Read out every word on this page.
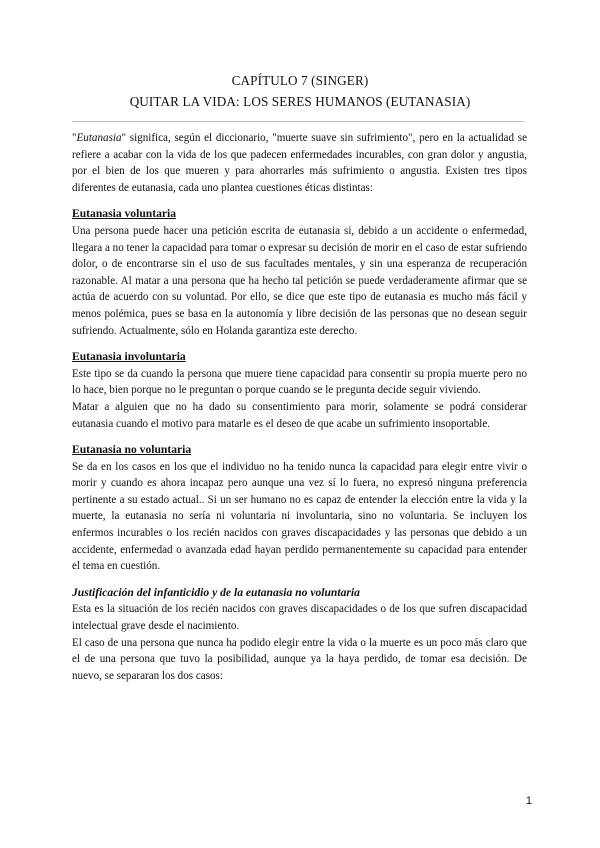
CAPÍTULO 7 (SINGER)
QUITAR LA VIDA: LOS SERES HUMANOS (EUTANASIA)

"Eutanasia" significa, según el diccionario, "muerte suave sin sufrimiento", pero en la actualidad se refiere a acabar con la vida de los que padecen enfermedades incurables, con gran dolor y angustia, por el bien de los que mueren y para ahorrarles más sufrimiento o angustia. Existen tres tipos diferentes de eutanasia, cada uno plantea cuestiones éticas distintas:

Eutanasia voluntaria

Una persona puede hacer una petición escrita de eutanasia si, debido a un accidente o enfermedad, llegara a no tener la capacidad para tomar o expresar su decisión de morir en el caso de estar sufriendo dolor, o de encontrarse sin el uso de sus facultades mentales, y sin una esperanza de recuperación razonable. Al matar a una persona que ha hecho tal petición se puede verdaderamente afirmar que se actúa de acuerdo con su voluntad. Por ello, se dice que este tipo de eutanasia es mucho más fácil y menos polémica, pues se basa en la autonomía y libre decisión de las personas que no desean seguir sufriendo. Actualmente, sólo en Holanda garantiza este derecho.

Eutanasia involuntaria

Este tipo se da cuando la persona que muere tiene capacidad para consentir su propia muerte pero no lo hace, bien porque no le preguntan o porque cuando se le pregunta decide seguir viviendo.

Matar a alguien que no ha dado su consentimiento para morir, solamente se podrá considerar eutanasia cuando el motivo para matarle es el deseo de que acabe un sufrimiento insoportable.

Eutanasia no voluntaria

Se da en los casos en los que el individuo no ha tenido nunca la capacidad para elegir entre vivir o morir y cuando es ahora incapaz pero aunque una vez sí lo fuera, no expresó ninguna preferencia pertinente a su estado actual.. Si un ser humano no es capaz de entender la elección entre la vida y la muerte, la eutanasia no sería ni voluntaria ni involuntaria, sino no voluntaria. Se incluyen los enfermos incurables o los recién nacidos con graves discapacidades y las personas que debido a un accidente, enfermedad o avanzada edad hayan perdido permanentemente su capacidad para entender el tema en cuestión.

Justificación del infanticidio y de la eutanasia no voluntaria

Esta es la situación de los recién nacidos con graves discapacidades o de los que sufren discapacidad intelectual grave desde el nacimiento.

El caso de una persona que nunca ha podido elegir entre la vida o la muerte es un poco más claro que el de una persona que tuvo la posibilidad, aunque ya la haya perdido, de tomar esa decisión. De nuevo, se separaran los dos casos:

1
